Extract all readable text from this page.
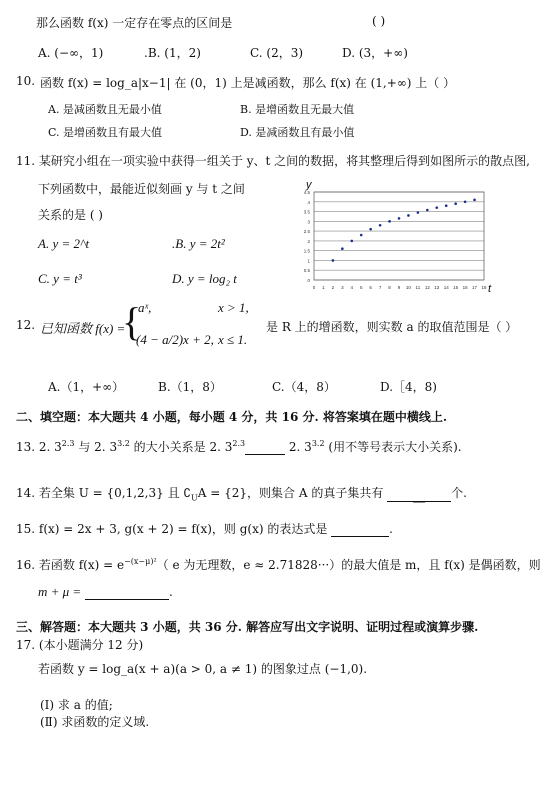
那么函数 f(x) 一定存在零点的区间是	( )
A. (−∞，1)	.B. (1，2)	C. (2，3)	D. (3，+∞)
10. 函数 f(x) = log_a|x−1| 在 (0，1) 上是减函数，那么 f(x) 在 (1,+∞) 上（ ）
A. 是减函数且无最小值	B. 是增函数且无最大值
C. 是增函数且有最大值	D. 是减函数且有最小值
11. 某研究小组在一项实验中获得一组关于 y、t 之间的数据，将其整理后得到如图所示的散点图,
下列函数中，最能近似刻画 y 与 t 之间
关系的是 ( )
A. y = 2^t	.B. y = 2t²
C. y = t³	D. y = log₂ t	0
0.5
1
1.5
2
2.5
3
3.5
4
4.5
0 1 2 3 4 5 6 7 8 9 10 11 12 13 14 15 16 17 18
y
t
12. 已知函数 f(x) =
{
aˣ,	x > 1,
(4 − a/2)x + 2, x ≤ 1.
是 R 上的增函数，则实数 a 的取值范围是（ ）
A.（1，+∞）	B.（1，8）	C.（4，8）	D.［4，8)
二、填空题：本大题共 4 小题，每小题 4 分，共 16 分. 将答案填在题中横线上.
13. 2. $3^{2.3}$ 与 2. $3^{3.2}$ 的大小关系是 2. $3^{2.3}$	2. $3^{3.2}$ (用不等号表示大小关系).
14. 若全集 U = {0,1,2,3} 且 $∁_UA = \{2\}$，则集合 A 的真子集共有 __ 个.
15. f(x) = 2x + 3, g(x + 2) = f(x)，则 g(x) 的表达式是	.
16. 若函数 $f(x) = e^{-(x-\mu)^2}$（ e 为无理数，e ≈ 2.71828···）的最大值是 m，且 f(x) 是偶函数，则
m + μ =	.
三、解答题：本大题共 3 小题，共 36 分. 解答应写出文字说明、证明过程或演算步骤.
17. (本小题满分 12 分)
若函数 y = log_a(x + a)(a > 0, a ≠ 1) 的图象过点 (−1,0).
(Ⅰ) 求 a 的值;
(Ⅱ) 求函数的定义域.
